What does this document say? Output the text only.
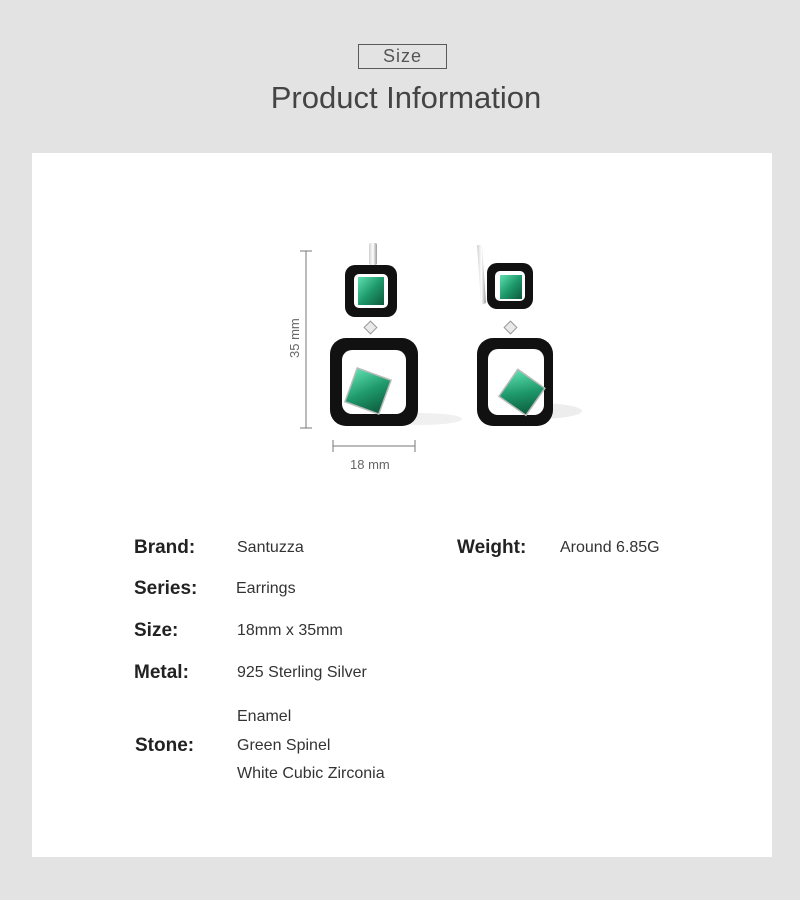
Size
Product Information
35 mm
18 mm
Brand:	Santuzza	Weight: Around 6.85G
Series: Earrings
Size:	18mm x 35mm
Metal:	925 Sterling Silver
Stone:
Enamel
Green Spinel
White Cubic Zirconia
